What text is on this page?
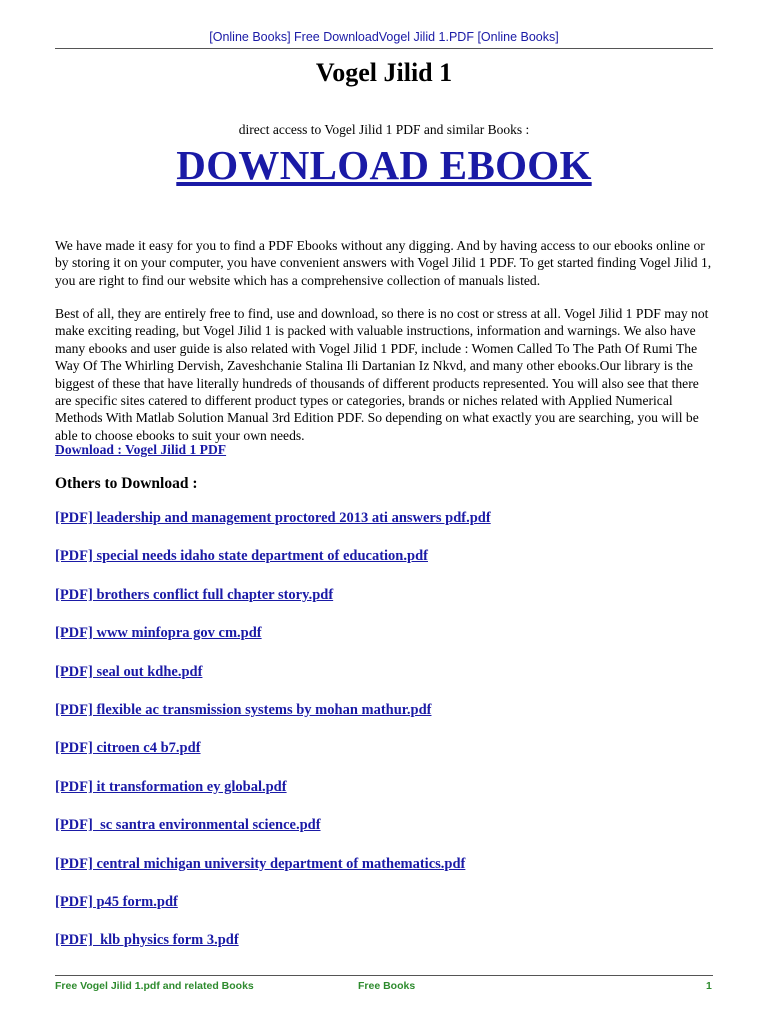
[Online Books] Free DownloadVogel Jilid 1.PDF [Online Books]
Vogel Jilid 1
direct access to Vogel Jilid 1 PDF and similar Books :
DOWNLOAD EBOOK

We have made it easy for you to find a PDF Ebooks without any digging. And by having access to our ebooks online or by storing it on your computer, you have convenient answers with Vogel Jilid 1 PDF. To get started finding Vogel Jilid 1, you are right to find our website which has a comprehensive collection of manuals listed.

Best of all, they are entirely free to find, use and download, so there is no cost or stress at all. Vogel Jilid 1 PDF may not make exciting reading, but Vogel Jilid 1 is packed with valuable instructions, information and warnings. We also have many ebooks and user guide is also related with Vogel Jilid 1 PDF, include : Women Called To The Path Of Rumi The Way Of The Whirling Dervish, Zaveshchanie Stalina Ili Dartanian Iz Nkvd, and many other ebooks.Our library is the biggest of these that have literally hundreds of thousands of different products represented. You will also see that there are specific sites catered to different product types or categories, brands or niches related with Applied Numerical Methods With Matlab Solution Manual 3rd Edition PDF. So depending on what exactly you are searching, you will be able to choose ebooks to suit your own needs.

Download : Vogel Jilid 1 PDF
Others to Download :
[PDF] leadership and management proctored 2013 ati answers pdf.pdf
[PDF] special needs idaho state department of education.pdf
[PDF] brothers conflict full chapter story.pdf
[PDF] www minfopra gov cm.pdf
[PDF] seal out kdhe.pdf
[PDF] flexible ac transmission systems by mohan mathur.pdf
[PDF] citroen c4 b7.pdf
[PDF] it transformation ey global.pdf
[PDF]  sc santra environmental science.pdf
[PDF] central michigan university department of mathematics.pdf
[PDF] p45 form.pdf
[PDF]  klb physics form 3.pdf
Free Vogel Jilid 1.pdf and related Books	Free Books	1
